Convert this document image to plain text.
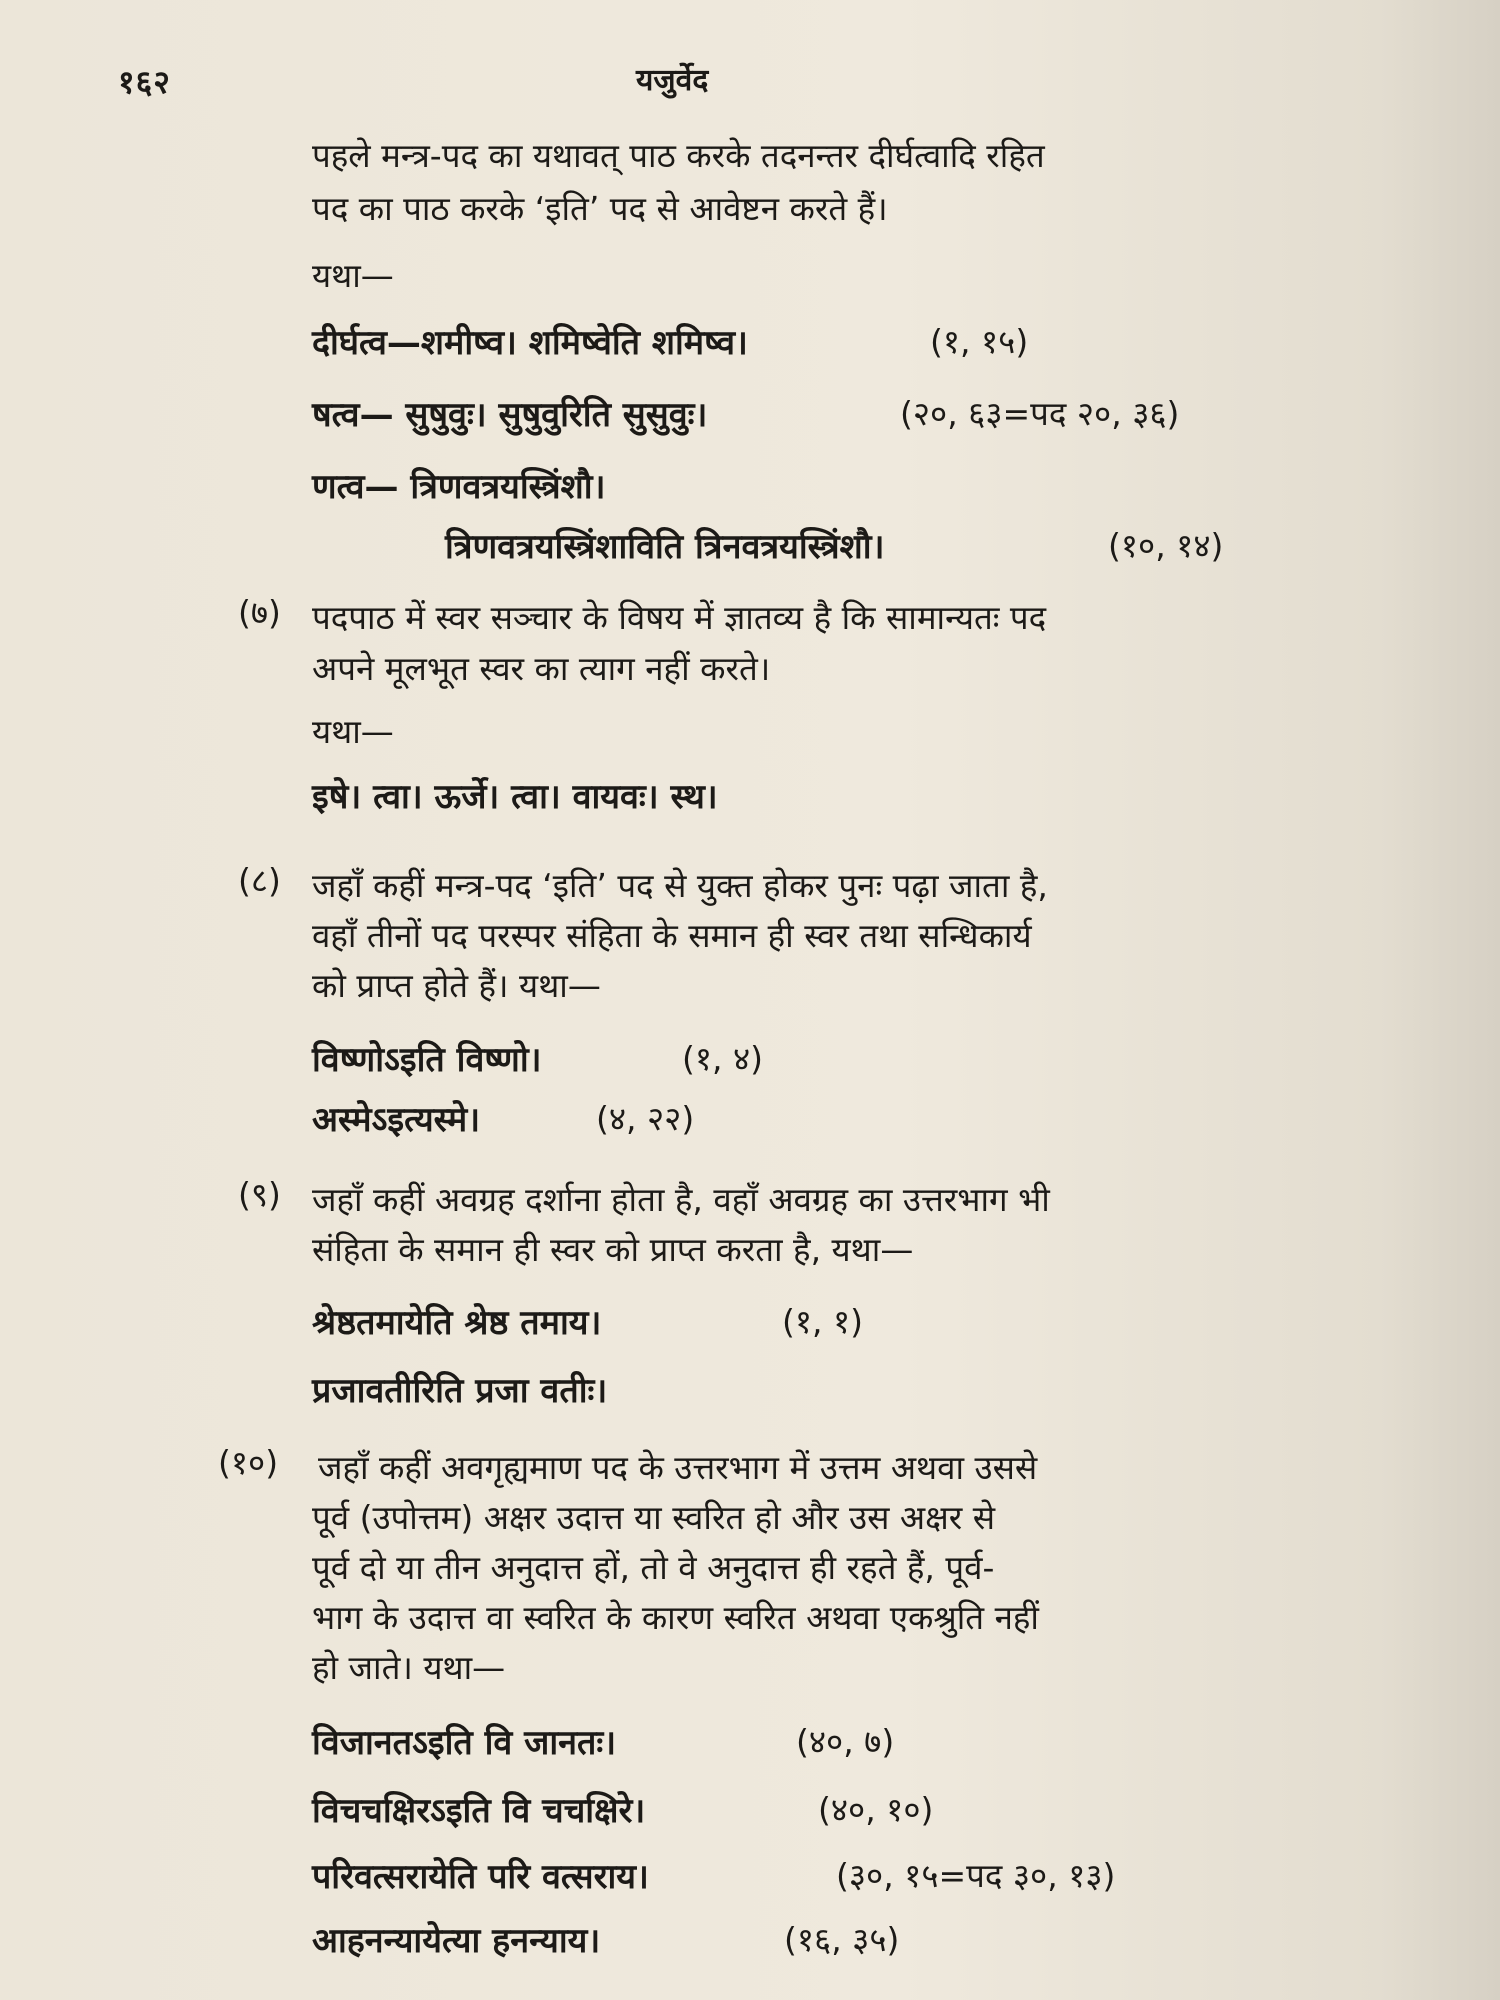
१६२	यजुर्वेद
पहले मन्त्र-पद का यथावत् पाठ करके तदनन्तर दीर्घत्वादि रहित
पद का पाठ करके ‘इति’ पद से आवेष्टन करते हैं।
यथा—
दीर्घत्व—शमीष्व। शमिष्वेति शमिष्व।	(१, १५)
षत्व— सुषुवुः। सुषुवुरिति सुसुवुः।	(२०, ६३=पद २०, ३६)
णत्व— त्रिणवत्रयस्त्रिंशौ।
त्रिणवत्रयस्त्रिंशाविति त्रिनवत्रयस्त्रिंशौ।	(१०, १४)
(७) पदपाठ में स्वर सञ्चार के विषय में ज्ञातव्य है कि सामान्यतः पद
अपने मूलभूत स्वर का त्याग नहीं करते।
यथा—
इषे। त्वा। ऊर्जे। त्वा। वायवः। स्थ।
(८) जहाँ कहीं मन्त्र-पद ‘इति’ पद से युक्त होकर पुनः पढ़ा जाता है,
वहाँ तीनों पद परस्पर संहिता के समान ही स्वर तथा सन्धिकार्य
को प्राप्त होते हैं। यथा—
विष्णोऽइति विष्णो।	(१, ४)
अस्मेऽइत्यस्मे।	(४, २२)
(९) जहाँ कहीं अवग्रह दर्शाना होता है, वहाँ अवग्रह का उत्तरभाग भी
संहिता के समान ही स्वर को प्राप्त करता है, यथा—
श्रेष्ठतमायेति श्रेष्ठ तमाय।	(१, १)
प्रजावतीरिति प्रजा वतीः।
(१०) जहाँ कहीं अवगृह्यमाण पद के उत्तरभाग में उत्तम अथवा उससे
पूर्व (उपोत्तम) अक्षर उदात्त या स्वरित हो और उस अक्षर से
पूर्व दो या तीन अनुदात्त हों, तो वे अनुदात्त ही रहते हैं, पूर्व-
भाग के उदात्त वा स्वरित के कारण स्वरित अथवा एकश्रुति नहीं
हो जाते। यथा—
विजानतऽइति वि जानतः।	(४०, ७)
विचचक्षिरऽइति वि चचक्षिरे।	(४०, १०)
परिवत्सरायेति परि वत्सराय।	(३०, १५=पद ३०, १३)
आहनन्यायेत्या हनन्याय।	(१६, ३५)
